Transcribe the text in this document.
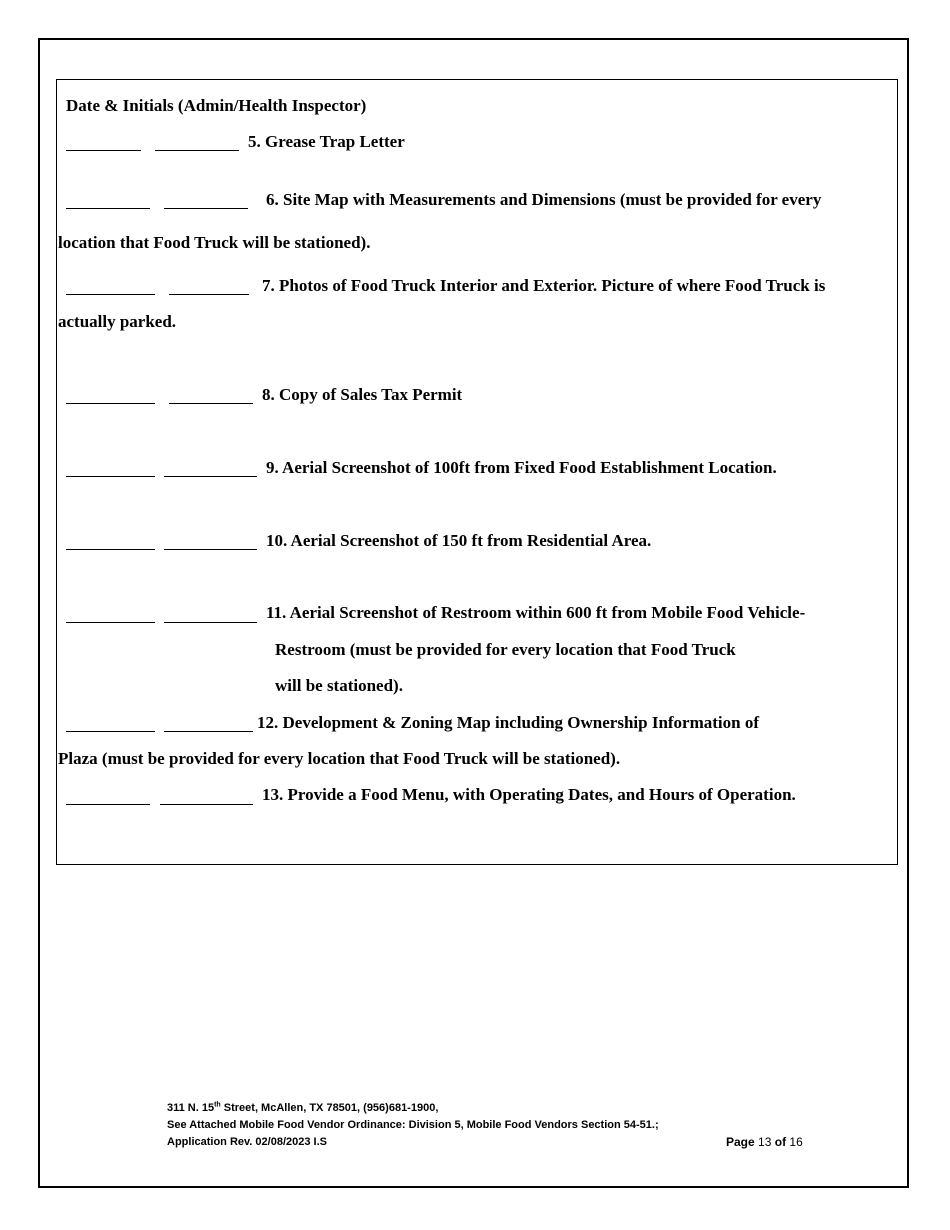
Date & Initials (Admin/Health Inspector)
5. Grease Trap Letter
6. Site Map with Measurements and Dimensions (must be provided for every
location that Food Truck will be stationed).
7. Photos of Food Truck Interior and Exterior. Picture of where Food Truck is
actually parked.
8. Copy of Sales Tax Permit
9. Aerial Screenshot of 100ft from Fixed Food Establishment Location.
10. Aerial Screenshot of 150 ft from Residential Area.
11. Aerial Screenshot of Restroom within 600 ft from Mobile Food Vehicle-
Restroom (must be provided for every location that Food Truck
will be stationed).
12. Development & Zoning Map including Ownership Information of
Plaza (must be provided for every location that Food Truck will be stationed).
13. Provide a Food Menu, with Operating Dates, and Hours of Operation.
311 N. 15th Street, McAllen, TX 78501, (956)681-1900,
See Attached Mobile Food Vendor Ordinance: Division 5, Mobile Food Vendors Section 54-51.;
Application Rev. 02/08/2023 I.S	Page 13 of 16
